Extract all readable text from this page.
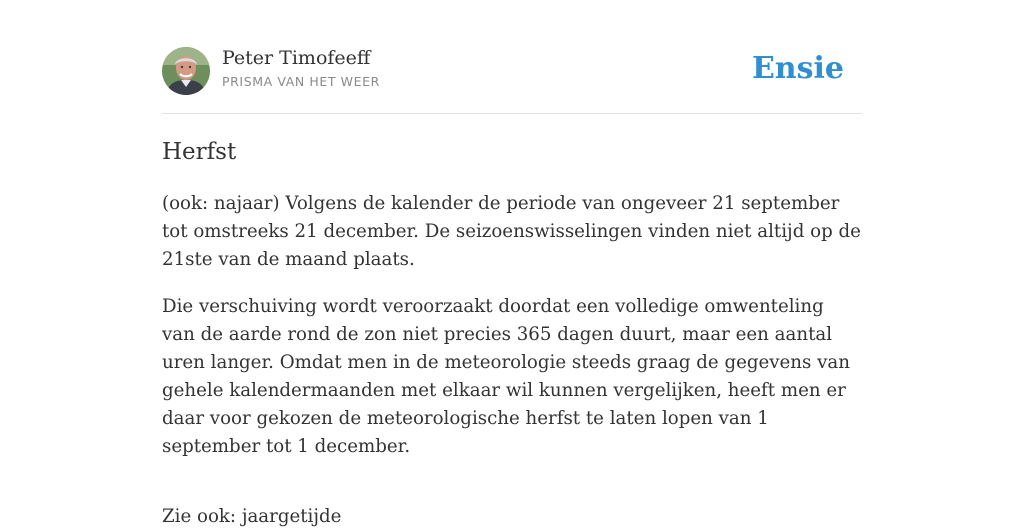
Peter Timofeeff
PRISMA VAN HET WEER	Ensie
Herfst

(ook: najaar) Volgens de kalender de periode van ongeveer 21 september tot omstreeks 21 december. De seizoenswisselingen vinden niet altijd op de 21ste van de maand plaats.

Die verschuiving wordt veroorzaakt doordat een volledige omwenteling van de aarde rond de zon niet precies 365 dagen duurt, maar een aantal uren langer. Omdat men in de meteorologie steeds graag de gegevens van gehele kalendermaanden met elkaar wil kunnen vergelijken, heeft men er daar voor gekozen de meteorologische herfst te laten lopen van 1 september tot 1 december.

Zie ook: jaargetijde
